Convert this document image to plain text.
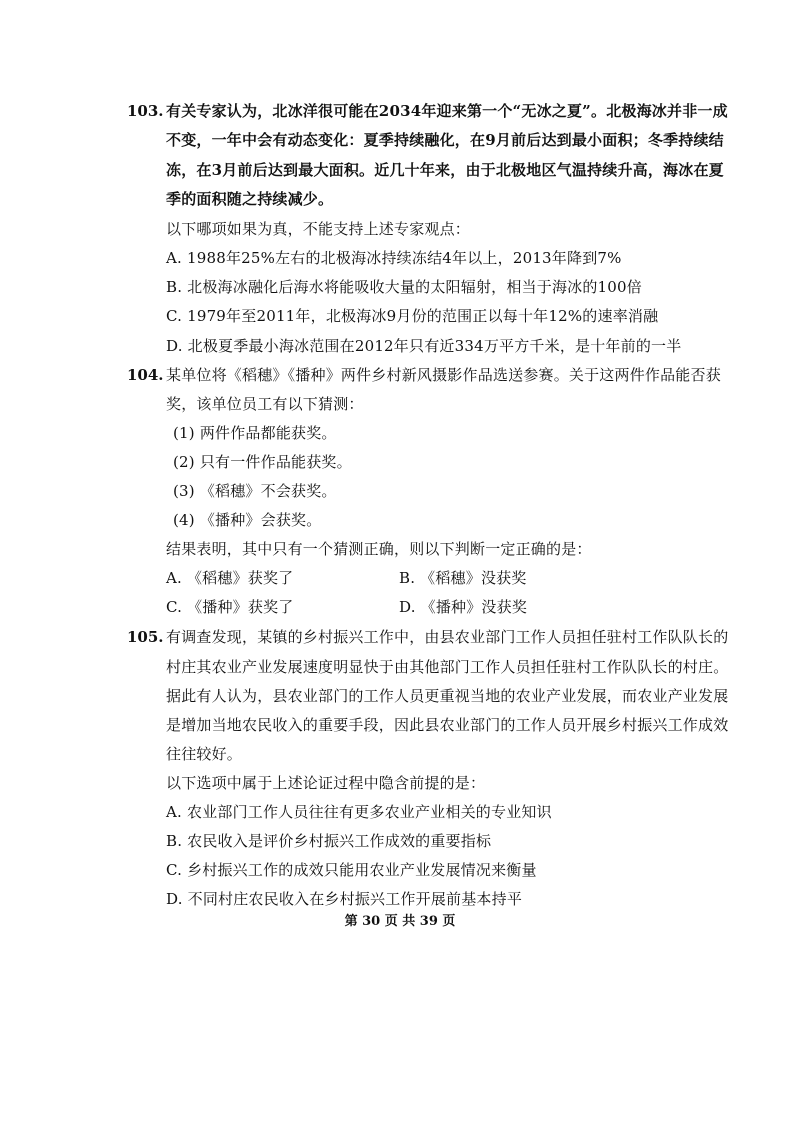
103. 有关专家认为，北冰洋很可能在2034年迎来第一个“无冰之夏”。北极海冰并非一成
不变，一年中会有动态变化：夏季持续融化，在9月前后达到最小面积；冬季持续结
冻，在3月前后达到最大面积。近几十年来，由于北极地区气温持续升高，海冰在夏
季的面积随之持续减少。
以下哪项如果为真，不能支持上述专家观点：
A. 1988年25%左右的北极海冰持续冻结4年以上，2013年降到7%
B. 北极海冰融化后海水将能吸收大量的太阳辐射，相当于海冰的100倍
C. 1979年至2011年，北极海冰9月份的范围正以每十年12%的速率消融
D. 北极夏季最小海冰范围在2012年只有近334万平方千米，是十年前的一半
104. 某单位将《稻穗》《播种》两件乡村新风摄影作品选送参赛。关于这两件作品能否获
奖，该单位员工有以下猜测：
(1) 两件作品都能获奖。
(2) 只有一件作品能获奖。
(3) 《稻穗》不会获奖。
(4) 《播种》会获奖。
结果表明，其中只有一个猜测正确，则以下判断一定正确的是：
A. 《稻穗》获奖了	B. 《稻穗》没获奖
C. 《播种》获奖了	D. 《播种》没获奖
105. 有调查发现，某镇的乡村振兴工作中，由县农业部门工作人员担任驻村工作队队长的
村庄其农业产业发展速度明显快于由其他部门工作人员担任驻村工作队队长的村庄。
据此有人认为，县农业部门的工作人员更重视当地的农业产业发展，而农业产业发展
是增加当地农民收入的重要手段，因此县农业部门的工作人员开展乡村振兴工作成效
往往较好。
以下选项中属于上述论证过程中隐含前提的是：
A. 农业部门工作人员往往有更多农业产业相关的专业知识
B. 农民收入是评价乡村振兴工作成效的重要指标
C. 乡村振兴工作的成效只能用农业产业发展情况来衡量
D. 不同村庄农民收入在乡村振兴工作开展前基本持平
第 30 页 共 39 页
